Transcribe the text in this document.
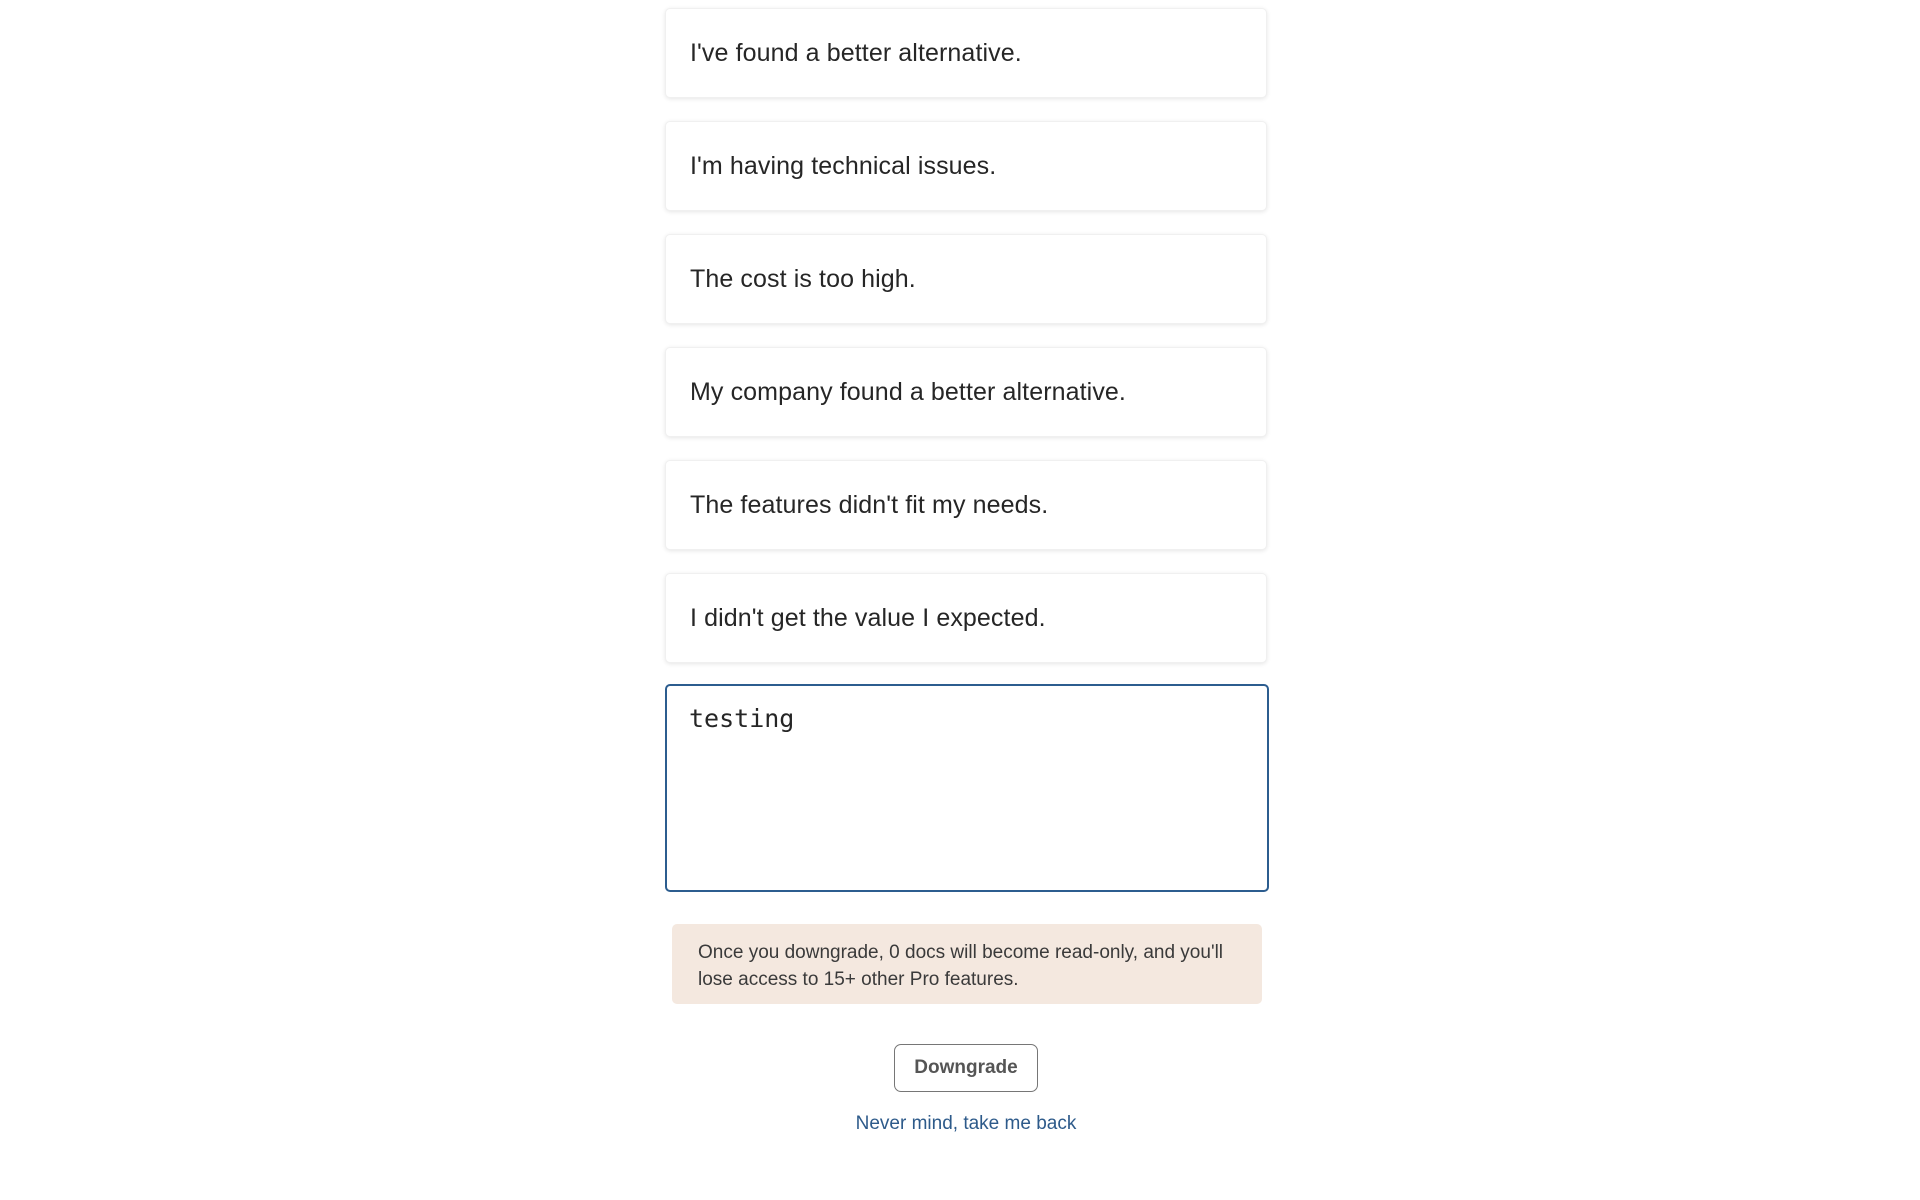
I've found a better alternative.
I'm having technical issues.
The cost is too high.
My company found a better alternative.
The features didn't fit my needs.
I didn't get the value I expected.
testing
Once you downgrade, 0 docs will become read-only, and you'll lose access to 15+ other Pro features.
Downgrade
Never mind, take me back
